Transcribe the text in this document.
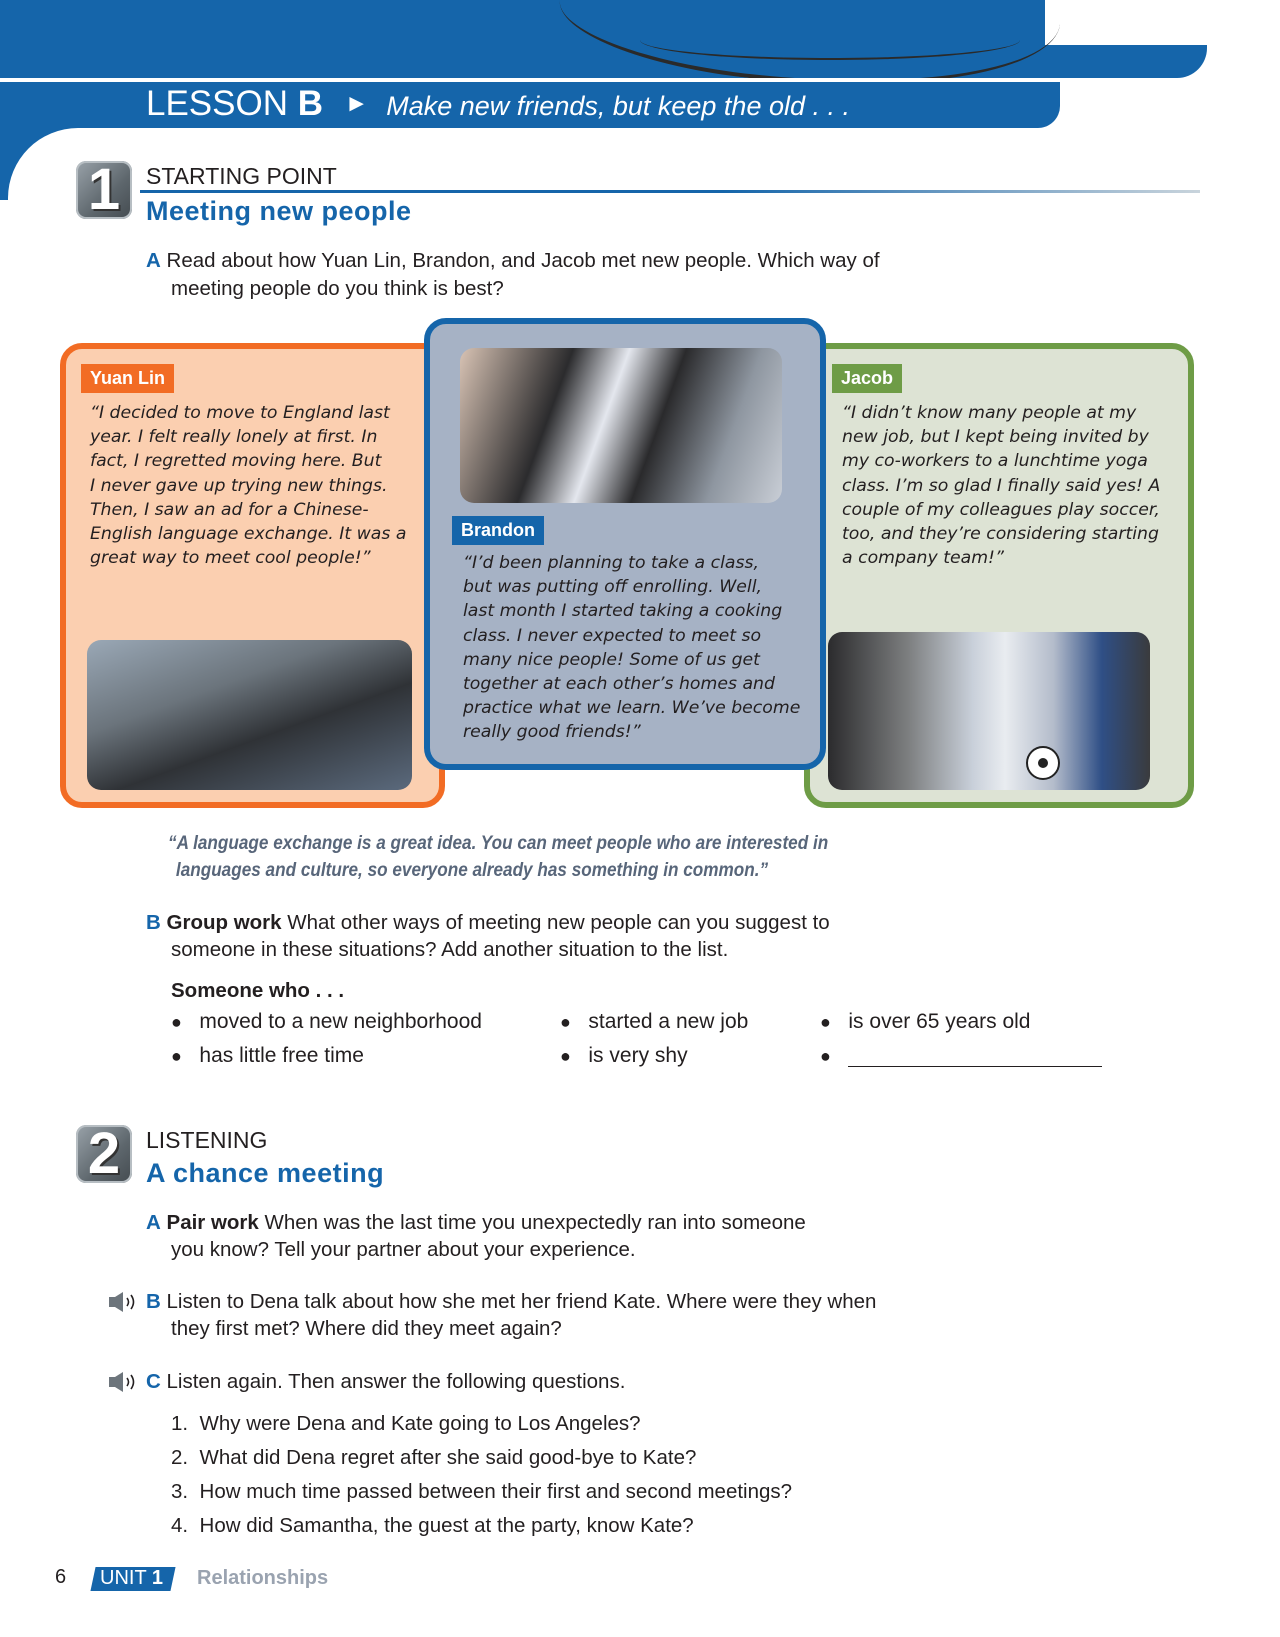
LESSON B ► Make new friends, but keep the old . . .
1	STARTING POINT
Meeting new people
A Read about how Yuan Lin, Brandon, and Jacob met new people. Which way of
meeting people do you think is best?
Yuan Lin
“I decided to move to England last
year. I felt really lonely at first. In
fact, I regretted moving here. But
I never gave up trying new things.
Then, I saw an ad for a Chinese-
English language exchange. It was a
great way to meet cool people!”
Brandon
“I’d been planning to take a class,
but was putting off enrolling. Well,
last month I started taking a cooking
class. I never expected to meet so
many nice people! Some of us get
together at each other’s homes and
practice what we learn. We’ve become
really good friends!”
Jacob
“I didn’t know many people at my
new job, but I kept being invited by
my co-workers to a lunchtime yoga
class. I’m so glad I finally said yes! A
couple of my colleagues play soccer,
too, and they’re considering starting
a company team!”
“A language exchange is a great idea. You can meet people who are interested in
languages and culture, so everyone already has something in common.”
B Group work What other ways of meeting new people can you suggest to
someone in these situations? Add another situation to the list.
Someone who . . .
● moved to a new neighborhood	● started a new job	● is over 65 years old
● has little free time	● is very shy	●
2	LISTENING
A chance meeting
A Pair work When was the last time you unexpectedly ran into someone
you know? Tell your partner about your experience.
B Listen to Dena talk about how she met her friend Kate. Where were they when
they first met? Where did they meet again?
C Listen again. Then answer the following questions.
1. Why were Dena and Kate going to Los Angeles?
2. What did Dena regret after she said good-bye to Kate?
3. How much time passed between their first and second meetings?
4. How did Samantha, the guest at the party, know Kate?
6 UNIT 1 Relationships
